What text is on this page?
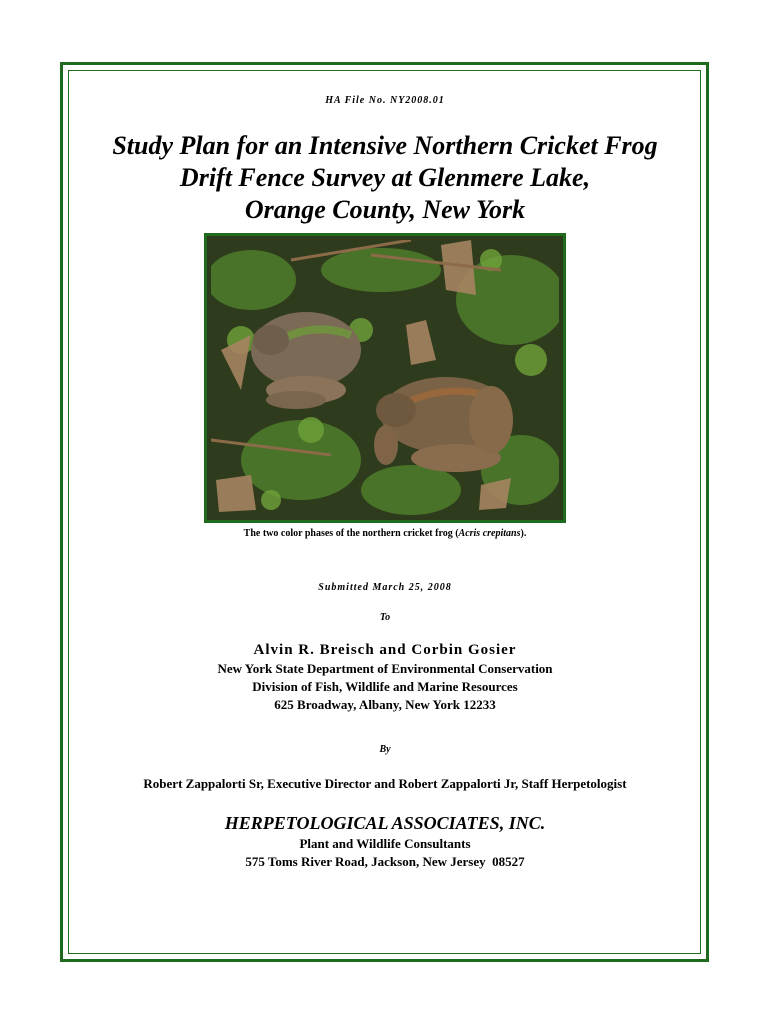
HA File No. NY2008.01
Study Plan for an Intensive Northern Cricket Frog
Drift Fence Survey at Glenmere Lake,
Orange County, New York
The two color phases of the northern cricket frog (Acris crepitans).
Submitted March 25, 2008
To
Alvin R. Breisch and Corbin Gosier
New York State Department of Environmental Conservation
Division of Fish, Wildlife and Marine Resources
625 Broadway, Albany, New York 12233
By
Robert Zappalorti Sr, Executive Director and Robert Zappalorti Jr, Staff Herpetologist
HERPETOLOGICAL ASSOCIATES, INC.
Plant and Wildlife Consultants
575 Toms River Road, Jackson, New Jersey  08527
